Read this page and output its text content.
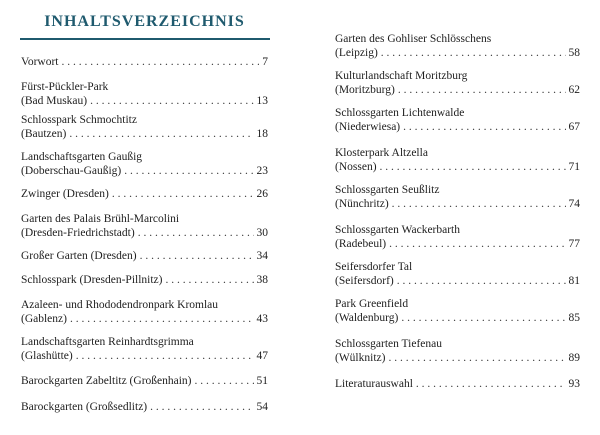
INHALTSVERZEICHNIS
Vorwort . . .	7
Fürst-Pückler-Park
(Bad Muskau) . . .	13
Schlosspark Schmochtitz
(Bautzen) . . .	18
Landschaftsgarten Gaußig
(Doberschau-Gaußig) . . .	23
Zwinger (Dresden) . . .	26
Garten des Palais Brühl-Marcolini
(Dresden-Friedrichstadt) . . .	30
Großer Garten (Dresden) . . .	34
Schlosspark (Dresden-Pillnitz) . . .	38
Azaleen- und Rhododendronpark Kromlau
(Gablenz) . . .	43
Landschaftsgarten Reinhardtsgrimma
(Glashütte) . . .	47
Barockgarten Zabeltitz (Großenhain) . . .	51
Barockgarten (Großsedlitz) . . .	54
Garten des Gohliser Schlösschens
(Leipzig) . . .	58
Kulturlandschaft Moritzburg
(Moritzburg) . . .	62
Schlossgarten Lichtenwalde
(Niederwiesa) . . .	67
Klosterpark Altzella
(Nossen) . . .	71
Schlossgarten Seußlitz
(Nünchritz) . . .	74
Schlossgarten Wackerbarth
(Radebeul) . . .	77
Seifersdorfer Tal
(Seifersdorf) . . .	81
Park Greenfield
(Waldenburg) . . .	85
Schlossgarten Tiefenau
(Wülknitz) . . .	89
Literaturauswahl . . .	93
